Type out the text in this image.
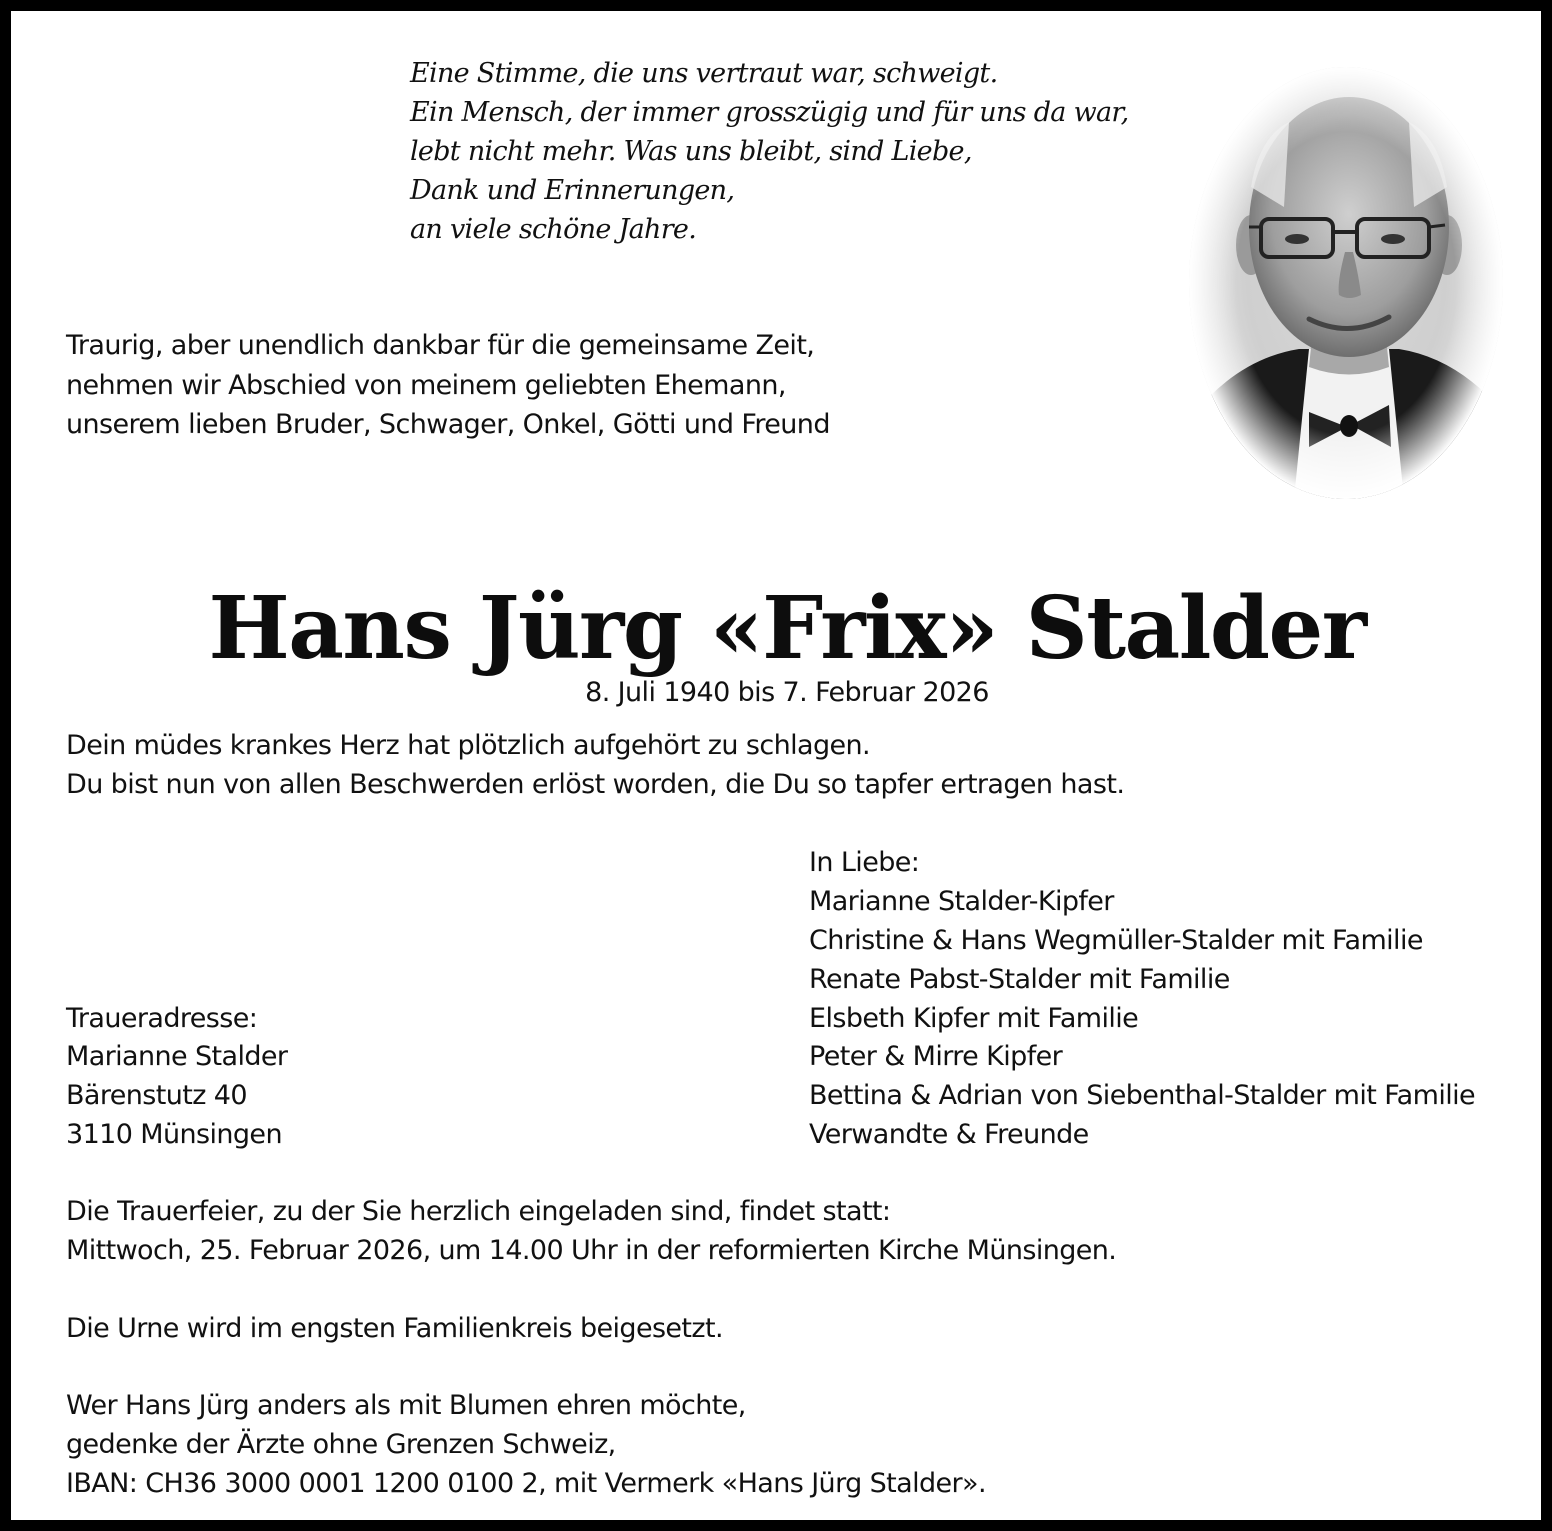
Eine Stimme, die uns vertraut war, schweigt.

Ein Mensch, der immer grosszügig und für uns da war,

lebt nicht mehr. Was uns bleibt, sind Liebe,

Dank und Erinnerungen,

an viele schöne Jahre.

Traurig, aber unendlich dankbar für die gemeinsame Zeit,

nehmen wir Abschied von meinem geliebten Ehemann,

unserem lieben Bruder, Schwager, Onkel, Götti und Freund

Hans Jürg «Frix» Stalder

8. Juli 1940 bis 7. Februar 2026

Dein müdes krankes Herz hat plötzlich aufgehört zu schlagen.

Du bist nun von allen Beschwerden erlöst worden, die Du so tapfer ertragen hast.

In Liebe:

Marianne Stalder-Kipfer

Christine & Hans Wegmüller-Stalder mit Familie

Renate Pabst-Stalder mit Familie

Elsbeth Kipfer mit Familie

Peter & Mirre Kipfer

Bettina & Adrian von Siebenthal-Stalder mit Familie

Verwandte & Freunde

Traueradresse:

Marianne Stalder

Bärenstutz 40

3110 Münsingen

Die Trauerfeier, zu der Sie herzlich eingeladen sind, findet statt:

Mittwoch, 25. Februar 2026, um 14.00 Uhr in der reformierten Kirche Münsingen.

Die Urne wird im engsten Familienkreis beigesetzt.

Wer Hans Jürg anders als mit Blumen ehren möchte,

gedenke der Ärzte ohne Grenzen Schweiz,

IBAN: CH36 3000 0001 1200 0100 2, mit Vermerk «Hans Jürg Stalder».
